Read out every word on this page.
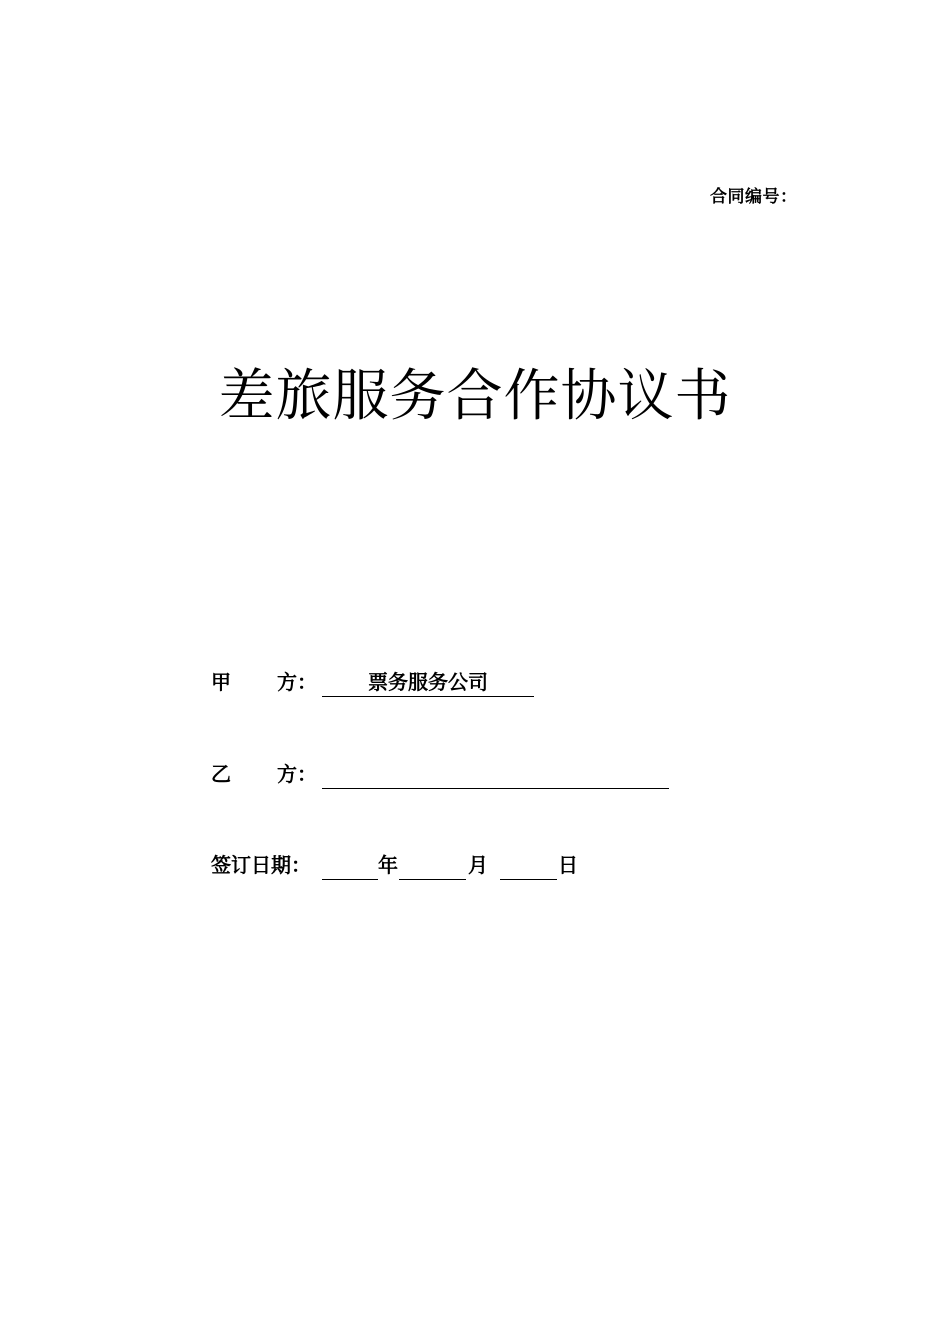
合同编号：
差旅服务合作协议书
甲 方：	票务服务公司
乙 方：
签订日期：	年	月	日
